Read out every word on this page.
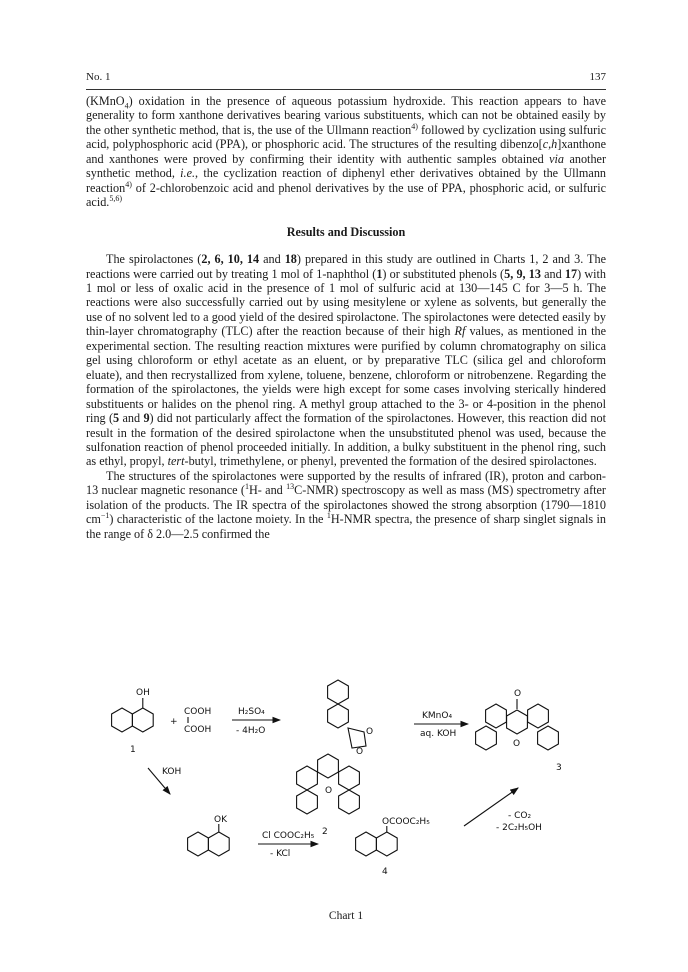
No. 1	137

(KMnO$_4$) oxidation in the presence of aqueous potassium hydroxide. This reaction appears to have generality to form xanthone derivatives bearing various substituents, which can not be obtained easily by the other synthetic method, that is, the use of the Ullmann reaction$^{4)}$ followed by cyclization using sulfuric acid, polyphosphoric acid (PPA), or phosphoric acid. The structures of the resulting dibenzo[c,h]xanthone and xanthones were proved by confirming their identity with authentic samples obtained via another synthetic method, i.e., the cyclization reaction of diphenyl ether derivatives obtained by the Ullmann reaction$^{4)}$ of 2-chlorobenzoic acid and phenol derivatives by the use of PPA, phosphoric acid, or sulfuric acid.$^{5,6)}$

Results and Discussion

The spirolactones (2, 6, 10, 14 and 18) prepared in this study are outlined in Charts 1, 2 and 3. The reactions were carried out by treating 1 mol of 1-naphthol (1) or substituted phenols (5, 9, 13 and 17) with 1 mol or less of oxalic acid in the presence of 1 mol of sulfuric acid at 130—145 C for 3—5 h. The reactions were also successfully carried out by using mesitylene or xylene as solvents, but generally the use of no solvent led to a good yield of the desired spirolactone. The spirolactones were detected easily by thin-layer chromatography (TLC) after the reaction because of their high Rf values, as mentioned in the experimental section. The resulting reaction mixtures were purified by column chromatography on silica gel using chloroform or ethyl acetate as an eluent, or by preparative TLC (silica gel and chloroform eluate), and then recrystallized from xylene, toluene, benzene, chloroform or nitrobenzene. Regarding the formation of the spirolactones, the yields were high except for some cases involving sterically hindered substituents or halides on the phenol ring. A methyl group attached to the 3- or 4-position in the phenol ring (5 and 9) did not particularly affect the formation of the spirolactones. However, this reaction did not result in the formation of the desired spirolactone when the unsubstituted phenol was used, because the sulfonation reaction of phenol proceeded initially. In addition, a bulky substituent in the phenol ring, such as ethyl, propyl, tert-butyl, trimethylene, or phenyl, prevented the formation of the desired spirolactones.

The structures of the spirolactones were supported by the results of infrared (IR), proton and carbon-13 nuclear magnetic resonance ($^1$H- and $^{13}$C-NMR) spectroscopy as well as mass (MS) spectrometry after isolation of the products. The IR spectra of the spirolactones showed the strong absorption (1790—1810 $cm^{-1}$) characteristic of the lactone moiety. In the $^1$H-NMR spectra, the presence of sharp singlet signals in the range of δ 2.0—2.5 confirmed the

OH
1
+
COOH
COOH
H₂SO₄
- 4H₂O	O
O
O
2
KMnO₄
aq. KOH
O
O
3
KOH
OK
Cl COOC₂H₅
- KCl
OCOOC₂H₅
4
- CO₂
- 2C₂H₅OH
Chart 1
